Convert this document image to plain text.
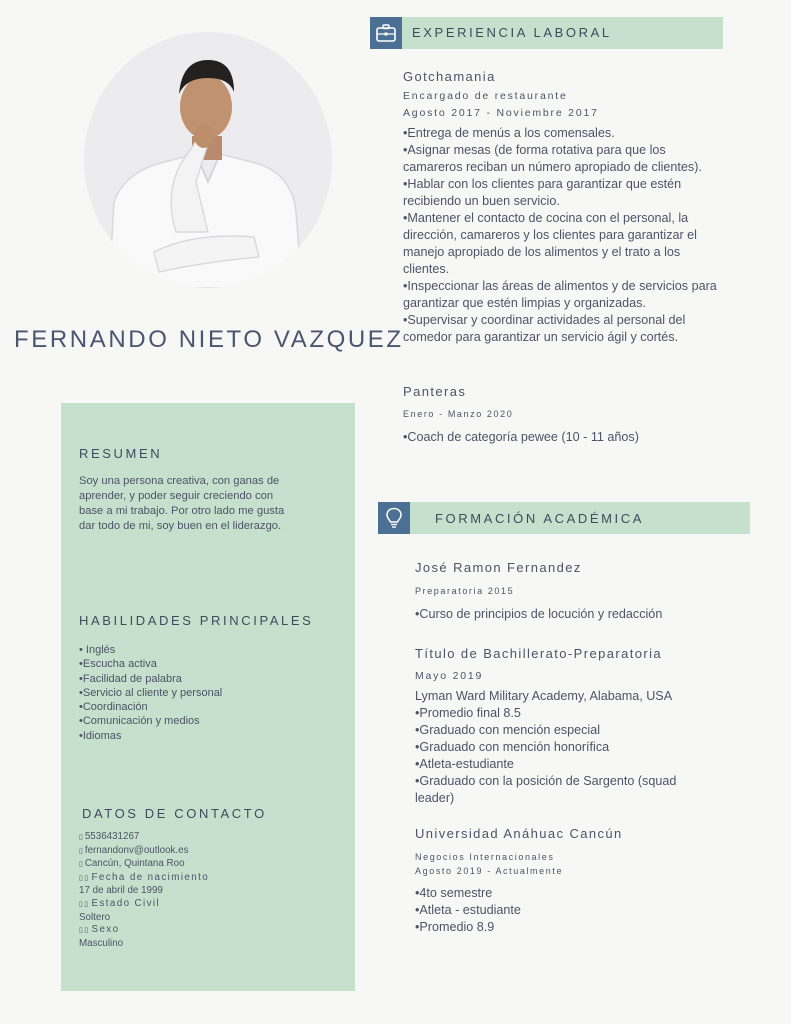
FERNANDO NIETO VAZQUEZ
RESUMEN
Soy una persona creativa, con ganas de aprender, y poder seguir creciendo con base a mi trabajo. Por otro lado me gusta dar todo de mi, soy buen en el liderazgo.
HABILIDADES PRINCIPALES
• Inglés
•Escucha activa
•Facilidad de palabra
•Servicio al cliente y personal
•Coordinación
•Comunicación y medios
•Idiomas
DATOS DE CONTACTO
▯ 5536431267
▯ fernandonv@outlook.es
▯ Cancún, Quintana Roo
▯▯ Fecha de nacimiento
17 de abril de 1999
▯▯ Estado Civil
Soltero
▯▯ Sexo
Masculino
EXPERIENCIA LABORAL
Gotchamania
Encargado de restaurante
Agosto 2017 - Noviembre 2017
•Entrega de menús a los comensales.
•Asignar mesas (de forma rotativa para que los camareros reciban un número apropiado de clientes).
•Hablar con los clientes para garantizar que estén recibiendo un buen servicio.
•Mantener el contacto de cocina con el personal, la dirección, camareros y los clientes para garantizar el manejo apropiado de los alimentos y el trato a los clientes.
•Inspeccionar las áreas de alimentos y de servicios para garantizar que estén limpias y organizadas.
•Supervisar y coordinar actividades al personal del comedor para garantizar un servicio ágil y cortés.
Panteras
Enero - Manzo 2020
•Coach de categoría pewee (10 - 11 años)
FORMACIÓN ACADÉMICA
José Ramon Fernandez
Preparatoria 2015
•Curso de principios de locución y redacción
Título de Bachillerato-Preparatoria
Mayo 2019
Lyman Ward Military Academy, Alabama, USA
•Promedio final 8.5
•Graduado con mención especial
•Graduado con mención honorífica
•Atleta-estudiante
•Graduado con la posición de Sargento (squad leader)
Universidad Anáhuac Cancún
Negocios Internacionales
Agosto 2019 - Actualmente
•4to semestre
•Atleta - estudiante
•Promedio 8.9
